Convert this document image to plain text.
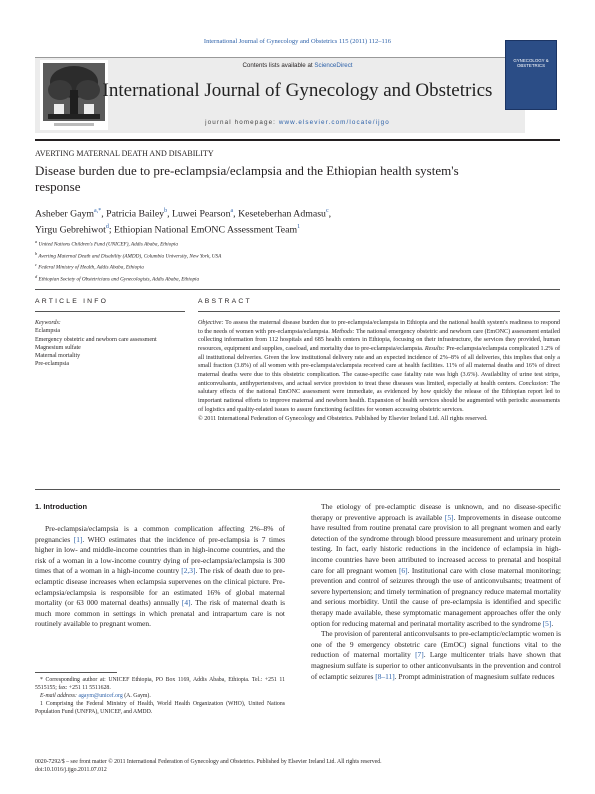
International Journal of Gynecology and Obstetrics 115 (2011) 112–116
Contents lists available at ScienceDirect
International Journal of Gynecology and Obstetrics
journal homepage: www.elsevier.com/locate/ijgo
GYNECOLOGY & OBSTETRICS
AVERTING MATERNAL DEATH AND DISABILITY
Disease burden due to pre-eclampsia/eclampsia and the Ethiopian health system's response
Asheber Gaym$^{a,*}$, Patricia Bailey$^b$, Luwei Pearson$^a$, Keseteberhan Admasu$^c$,
Yirgu Gebrehiwot$^d$; Ethiopian National EmONC Assessment Team$^1$
$^a$ United Nations Children's Fund (UNICEF), Addis Ababa, Ethiopia
$^b$ Averting Maternal Death and Disability (AMDD), Columbia University, New York, USA
$^c$ Federal Ministry of Health, Addis Ababa, Ethiopia
$^d$ Ethiopian Society of Obstetricians and Gynecologists, Addis Ababa, Ethiopia
ARTICLE INFO	ABSTRACT
Keywords:
Eclampsia
Emergency obstetric and newborn care assessment
Magnesium sulfate
Maternal mortality
Pre-eclampsia

Objective: To assess the maternal disease burden due to pre-eclampsia/eclampsia in Ethiopia and the national health system's readiness to respond to the needs of women with pre-eclampsia/eclampsia. Methods: The national emergency obstetric and newborn care (EmONC) assessment entailed collecting information from 112 hospitals and 685 health centers in Ethiopia, focusing on their infrastructure, the services they provided, human resources, equipment and supplies, caseload, and mortality due to pre-eclampsia/eclampsia. Results: Pre-eclampsia/eclampsia complicated 1.2% of all institutional deliveries. Given the low institutional delivery rate and an expected incidence of 2%–8% of all deliveries, this implies that only a small fraction (3.8%) of all women with pre-eclampsia/eclampsia received care at health facilities. 11% of all maternal deaths and 16% of direct maternal deaths were due to this obstetric complication. The cause-specific case fatality rate was high (3.6%). Availability of urine test strips, anticonvulsants, antihypertensives, and actual service provision to treat these diseases was limited, especially at health centers. Conclusion: The salutary effects of the national EmONC assessment were immediate, as evidenced by how quickly the release of the Ethiopian report led to important national efforts to improve maternal and newborn health. Expansion of health services should be augmented with periodic assessments of logistics and quality-related issues to assure functioning facilities for women accessing obstetric services.

© 2011 International Federation of Gynecology and Obstetrics. Published by Elsevier Ireland Ltd. All rights reserved.

1. Introduction

Pre-eclampsia/eclampsia is a common complication affecting 2%–8% of pregnancies [1]. WHO estimates that the incidence of pre-eclampsia is 7 times higher in low- and middle-income countries than in high-income countries, and the risk of a woman in a low-income country dying of pre-eclampsia/eclampsia is 300 times that of a woman in a high-income country [2,3]. The risk of death due to pre-eclamptic disease increases when eclampsia supervenes on the clinical picture. Pre-eclampsia/eclampsia is responsible for an estimated 16% of global maternal mortality (or 63 000 maternal deaths) annually [4]. The risk of maternal death is much more common in settings in which prenatal and intrapartum care is not routinely available to pregnant women.

The etiology of pre-eclamptic disease is unknown, and no disease-specific therapy or preventive approach is available [5]. Improvements in disease outcome have resulted from routine prenatal care provision to all pregnant women and early detection of the syndrome through blood pressure measurement and urinary protein testing. In fact, early historic reductions in the incidence of eclampsia in high-income countries have been attributed to increased access to prenatal and hospital care for all pregnant women [6]. Institutional care with close maternal monitoring; prevention and control of seizures through the use of anticonvulsants; treatment of severe hypertension; and timely termination of pregnancy reduce maternal mortality and serious morbidity. Until the cause of pre-eclampsia is identified and specific therapy made available, these symptomatic management approaches offer the only option for reducing maternal and perinatal mortality ascribed to the syndrome [5].

The provision of parenteral anticonvulsants to pre-eclamptic/eclamptic women is one of the 9 emergency obstetric care (EmOC) signal functions vital to the reduction of maternal mortality [7]. Large multicenter trials have shown that magnesium sulfate is superior to other anticonvulsants in the prevention and control of eclamptic seizures [8–11]. Prompt administration of magnesium sulfate reduces

* Corresponding author at: UNICEF Ethiopia, PO Box 1169, Addis Ababa, Ethiopia. Tel.: +251 11 5515155; fax: +251 11 5511628.

E-mail address: agaym@unicef.org (A. Gaym).

1 Comprising the Federal Ministry of Health, World Health Organization (WHO), United Nations Population Fund (UNFPA), UNICEF, and AMDD.

0020-7292/$ – see front matter © 2011 International Federation of Gynecology and Obstetrics. Published by Elsevier Ireland Ltd. All rights reserved.
doi:10.1016/j.ijgo.2011.07.012
